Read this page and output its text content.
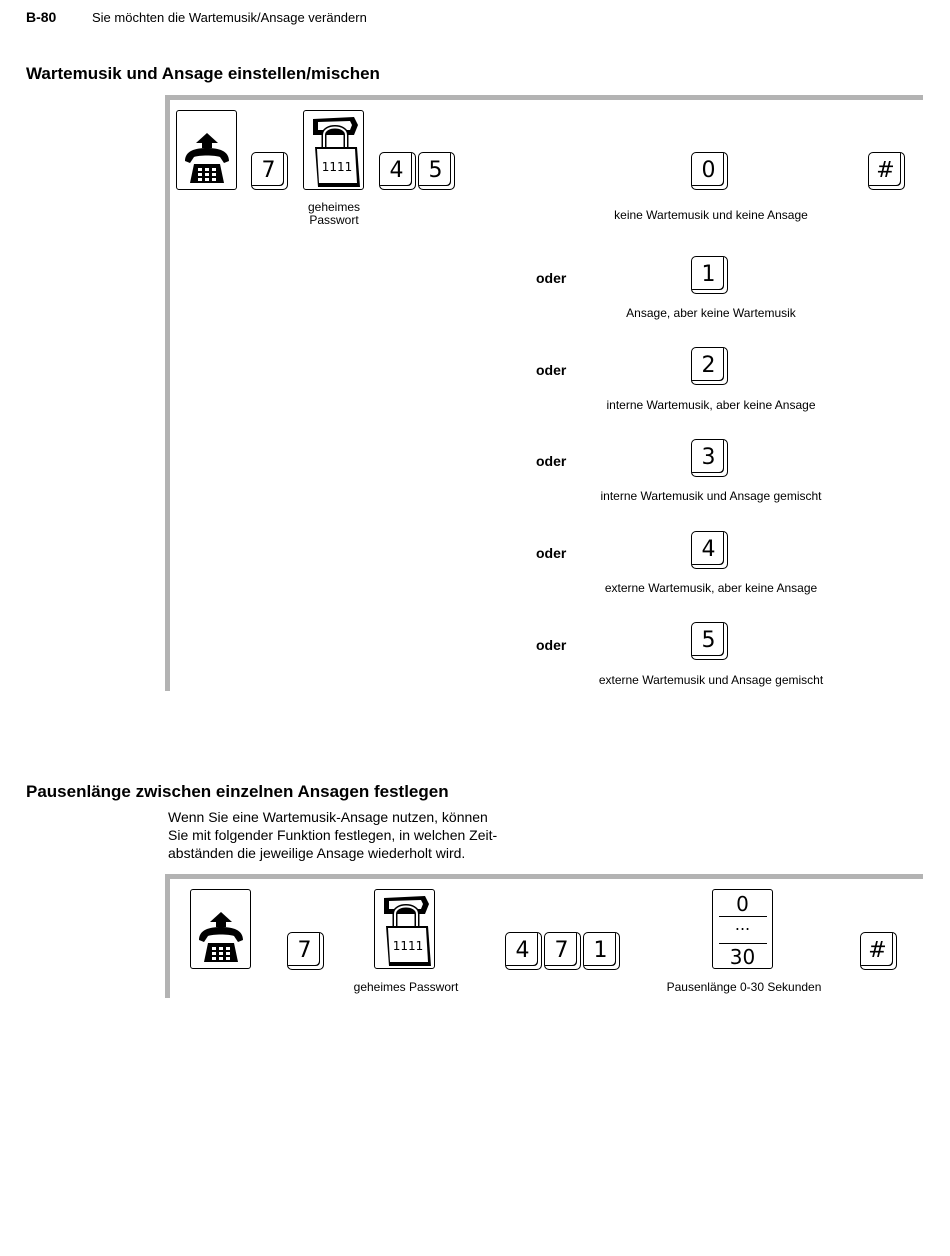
B-80	Sie möchten die Wartemusik/Ansage verändern
Wartemusik und Ansage einstellen/mischen
7	1111
geheimes
Passwort
4	5	0
keine Wartemusik und keine Ansage
#
oder	1
Ansage, aber keine Wartemusik
oder	2
interne Wartemusik, aber keine Ansage
oder	3
interne Wartemusik und Ansage gemischt
oder	4
externe Wartemusik, aber keine Ansage
oder	5
externe Wartemusik und Ansage gemischt
Pausenlänge zwischen einzelnen Ansagen festlegen
Wenn Sie eine Wartemusik-Ansage nutzen, können
Sie mit folgender Funktion festlegen, in welchen Zeit-
abständen die jeweilige Ansage wiederholt wird.
7	1111
geheimes Passwort
4	7	1
0
...
30
Pausenlänge 0-30 Sekunden
#
